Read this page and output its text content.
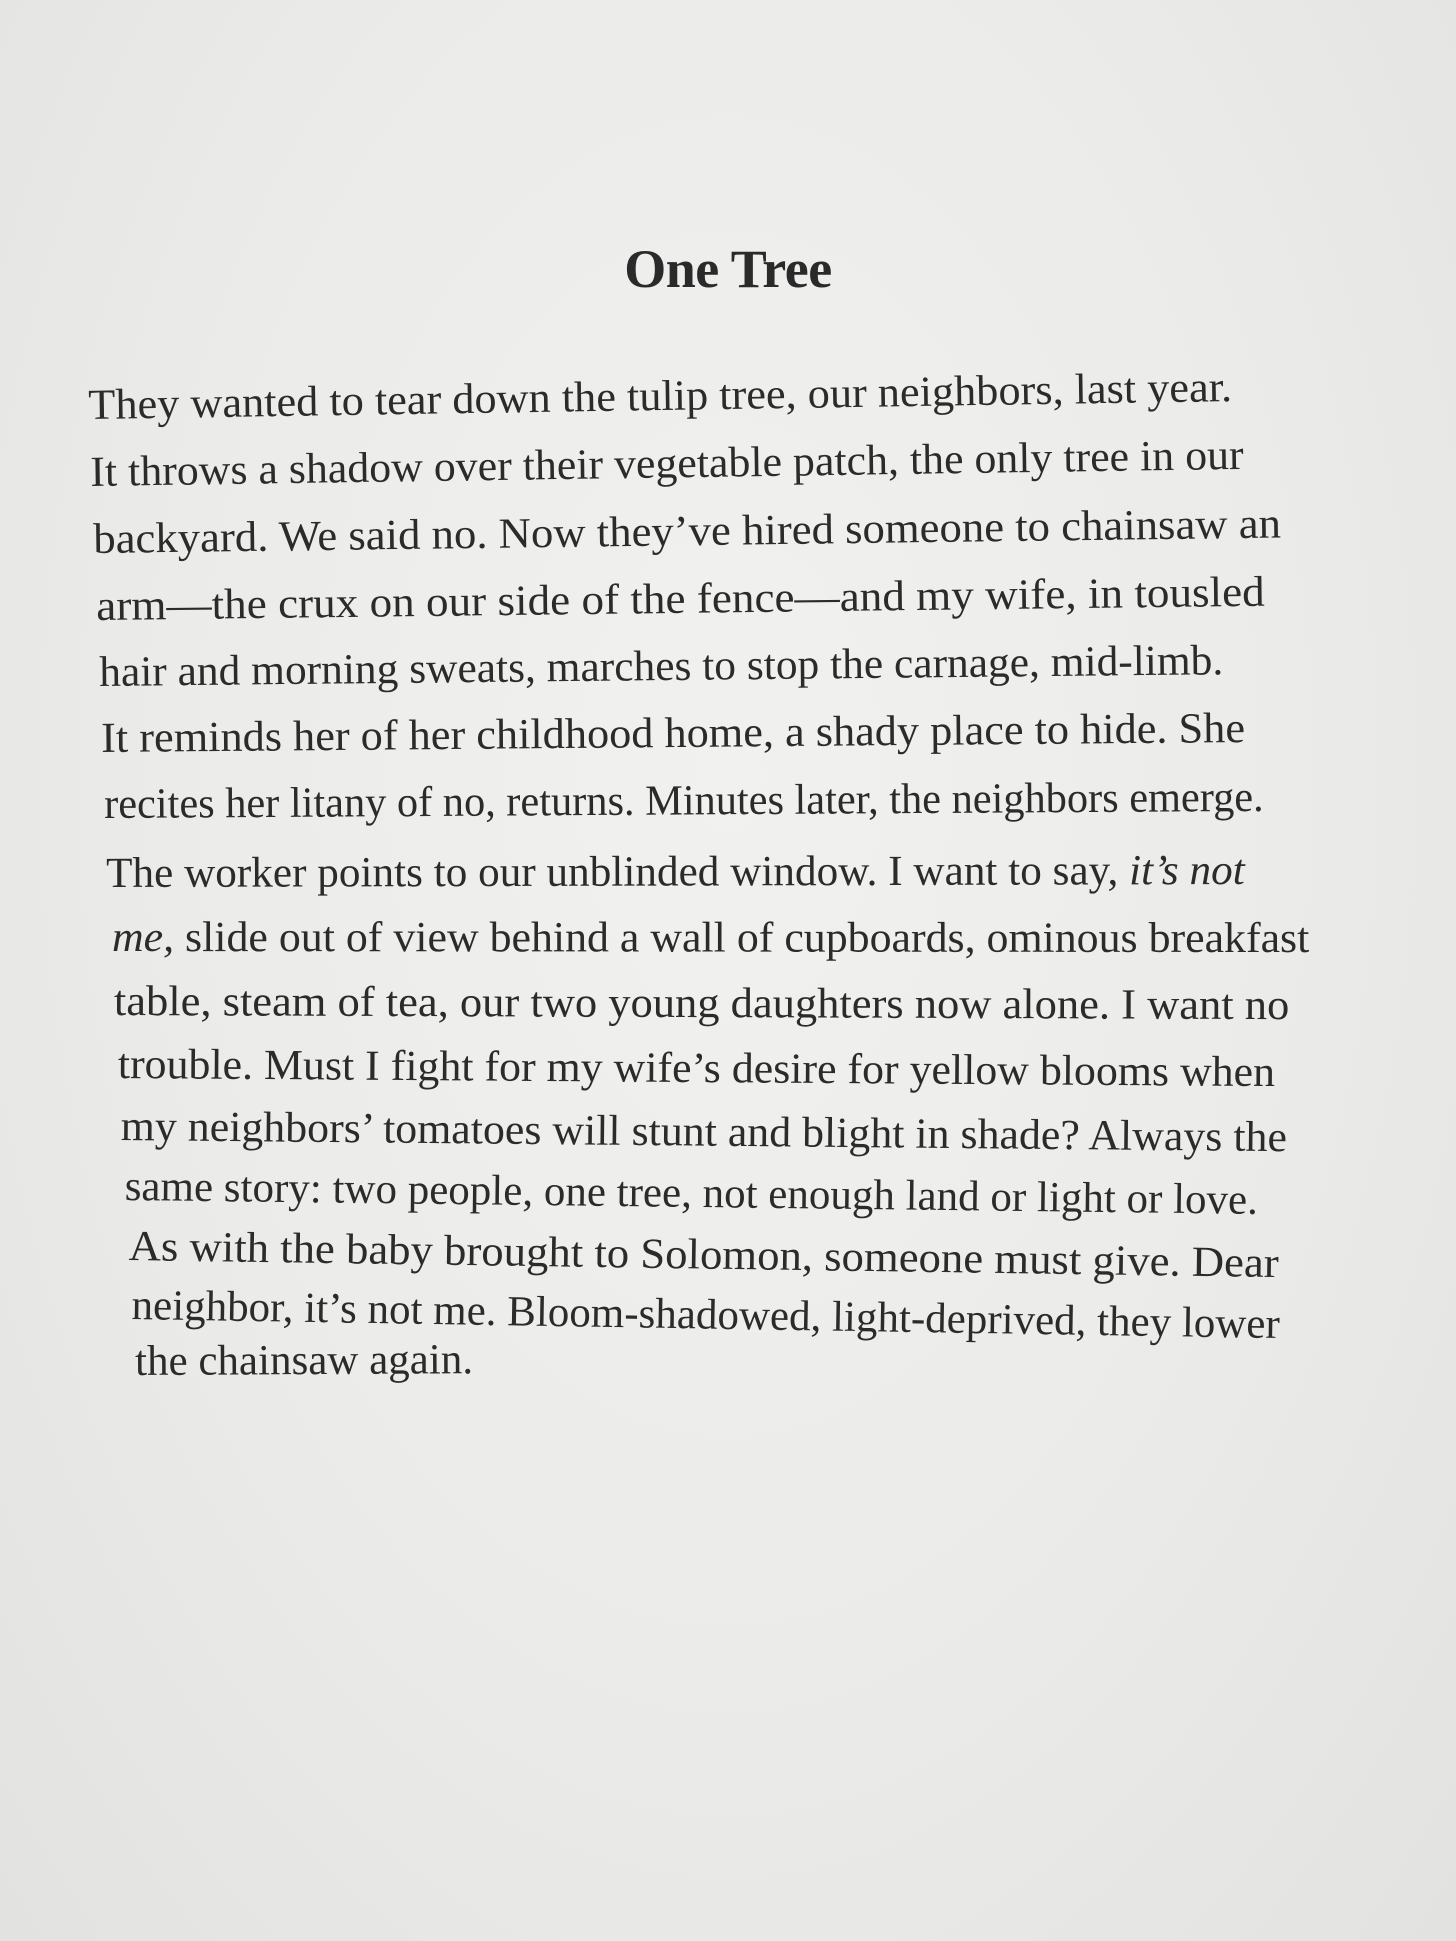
One Tree
They wanted to tear down the tulip tree, our neighbors, last year.
It throws a shadow over their vegetable patch, the only tree in our
backyard. We said no. Now they’ve hired someone to chainsaw an
arm—the crux on our side of the fence—and my wife, in tousled
hair and morning sweats, marches to stop the carnage, mid-limb.
It reminds her of her childhood home, a shady place to hide. She
recites her litany of no, returns. Minutes later, the neighbors emerge.
The worker points to our unblinded window. I want to say, it’s not
me, slide out of view behind a wall of cupboards, ominous breakfast
table, steam of tea, our two young daughters now alone. I want no
trouble. Must I fight for my wife’s desire for yellow blooms when
my neighbors’ tomatoes will stunt and blight in shade? Always the
same story: two people, one tree, not enough land or light or love.
As with the baby brought to Solomon, someone must give. Dear
neighbor, it’s not me. Bloom-shadowed, light-deprived, they lower
the chainsaw again.
